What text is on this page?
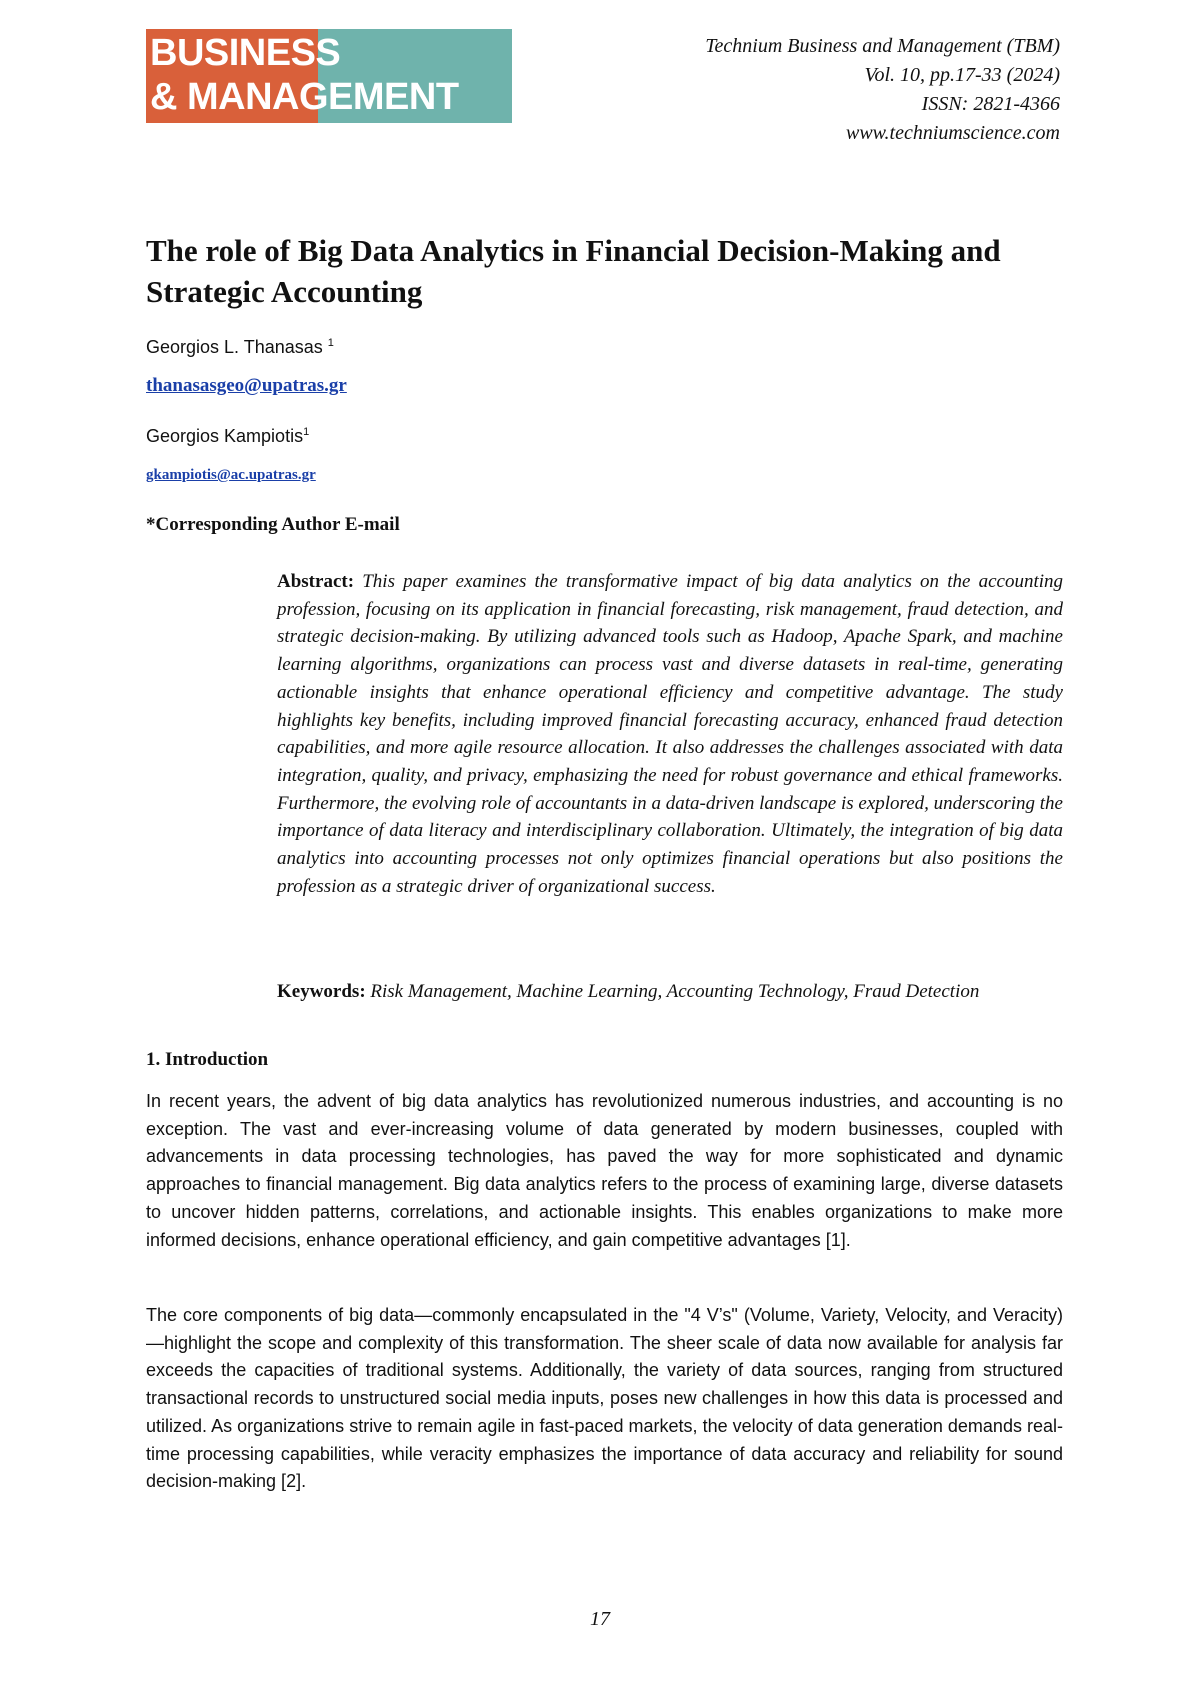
BUSINESS
& MANAGEMENT
Technium Business and Management (TBM)
Vol. 10, pp.17-33 (2024)
ISSN: 2821-4366
www.techniumscience.com
The role of Big Data Analytics in Financial Decision-Making and Strategic Accounting
Georgios L. Thanasas $^1$
thanasasgeo@upatras.gr
Georgios Kampiotis$^1$
gkampiotis@ac.upatras.gr
*Corresponding Author E-mail

Abstract: This paper examines the transformative impact of big data analytics on the accounting profession, focusing on its application in financial forecasting, risk management, fraud detection, and strategic decision-making. By utilizing advanced tools such as Hadoop, Apache Spark, and machine learning algorithms, organizations can process vast and diverse datasets in real-time, generating actionable insights that enhance operational efficiency and competitive advantage. The study highlights key benefits, including improved financial forecasting accuracy, enhanced fraud detection capabilities, and more agile resource allocation. It also addresses the challenges associated with data integration, quality, and privacy, emphasizing the need for robust governance and ethical frameworks. Furthermore, the evolving role of accountants in a data-driven landscape is explored, underscoring the importance of data literacy and interdisciplinary collaboration. Ultimately, the integration of big data analytics into accounting processes not only optimizes financial operations but also positions the profession as a strategic driver of organizational success.

Keywords: Risk Management, Machine Learning, Accounting Technology, Fraud Detection

1. Introduction

In recent years, the advent of big data analytics has revolutionized numerous industries, and accounting is no exception. The vast and ever-increasing volume of data generated by modern businesses, coupled with advancements in data processing technologies, has paved the way for more sophisticated and dynamic approaches to financial management. Big data analytics refers to the process of examining large, diverse datasets to uncover hidden patterns, correlations, and actionable insights. This enables organizations to make more informed decisions, enhance operational efficiency, and gain competitive advantages [1].

The core components of big data—commonly encapsulated in the "4 V’s" (Volume, Variety, Velocity, and Veracity)—highlight the scope and complexity of this transformation. The sheer scale of data now available for analysis far exceeds the capacities of traditional systems. Additionally, the variety of data sources, ranging from structured transactional records to unstructured social media inputs, poses new challenges in how this data is processed and utilized. As organizations strive to remain agile in fast-paced markets, the velocity of data generation demands real-time processing capabilities, while veracity emphasizes the importance of data accuracy and reliability for sound decision-making [2].

17
